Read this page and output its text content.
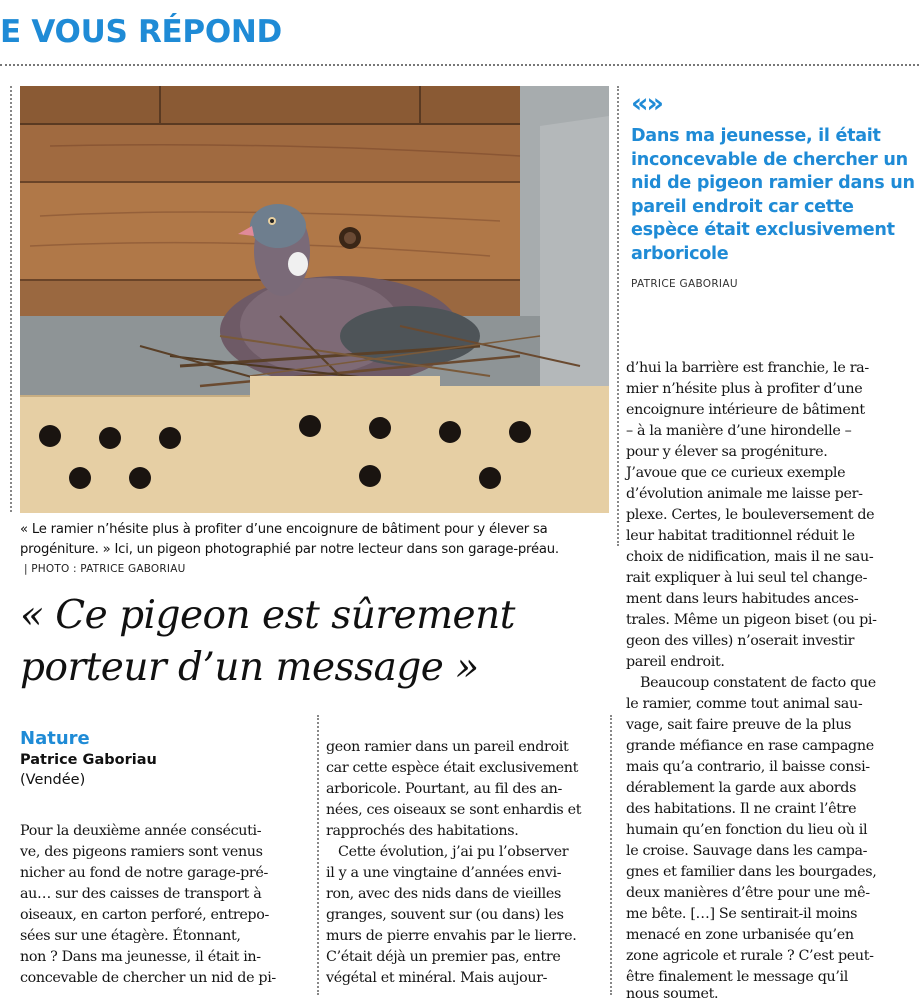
E VOUS RÉPOND
« Le ramier n’hésite plus à profiter d’une encoignure de bâtiment pour y élever sa progéniture. » Ici, un pigeon photographié par notre lecteur dans son garage-préau.
| PHOTO : PATRICE GABORIAU
« Ce pigeon est sûrement
porteur d’un message »
Nature
Patrice Gaboriau
(Vendée)
Pour la deuxième année consécuti-
ve, des pigeons ramiers sont venus
nicher au fond de notre garage-pré-
au… sur des caisses de transport à
oiseaux, en carton perforé, entrepo-
sées sur une étagère. Étonnant,
non ? Dans ma jeunesse, il était in-
concevable de chercher un nid de pi-
geon ramier dans un pareil endroit
car cette espèce était exclusivement
arboricole. Pourtant, au fil des an-
nées, ces oiseaux se sont enhardis et
rapprochés des habitations.
Cette évolution, j’ai pu l’observer
il y a une vingtaine d’années envi-
ron, avec des nids dans de vieilles
granges, souvent sur (ou dans) les
murs de pierre envahis par le lierre.
C’était déjà un premier pas, entre
végétal et minéral. Mais aujour-
d’hui la barrière est franchie, le ra-
mier n’hésite plus à profiter d’une
encoignure intérieure de bâtiment
– à la manière d’une hirondelle –
pour y élever sa progéniture.
J’avoue que ce curieux exemple
d’évolution animale me laisse per-
plexe. Certes, le bouleversement de
leur habitat traditionnel réduit le
choix de nidification, mais il ne sau-
rait expliquer à lui seul tel change-
ment dans leurs habitudes ances-
trales. Même un pigeon biset (ou pi-
geon des villes) n’oserait investir
pareil endroit.
Beaucoup constatent de facto que
le ramier, comme tout animal sau-
vage, sait faire preuve de la plus
grande méfiance en rase campagne
mais qu’a contrario, il baisse consi-
dérablement la garde aux abords
des habitations. Il ne craint l’être
humain qu’en fonction du lieu où il
le croise. Sauvage dans les campa-
gnes et familier dans les bourgades,
deux manières d’être pour une mê-
me bête. […] Se sentirait-il moins
menacé en zone urbanisée qu’en
zone agricole et rurale ? C’est peut-
être finalement le message qu’il
nous soumet.
«»
Dans ma jeunesse, il était inconcevable de chercher un nid de pigeon ramier dans un pareil endroit car cette espèce était exclusivement arboricole
PATRICE GABORIAU
